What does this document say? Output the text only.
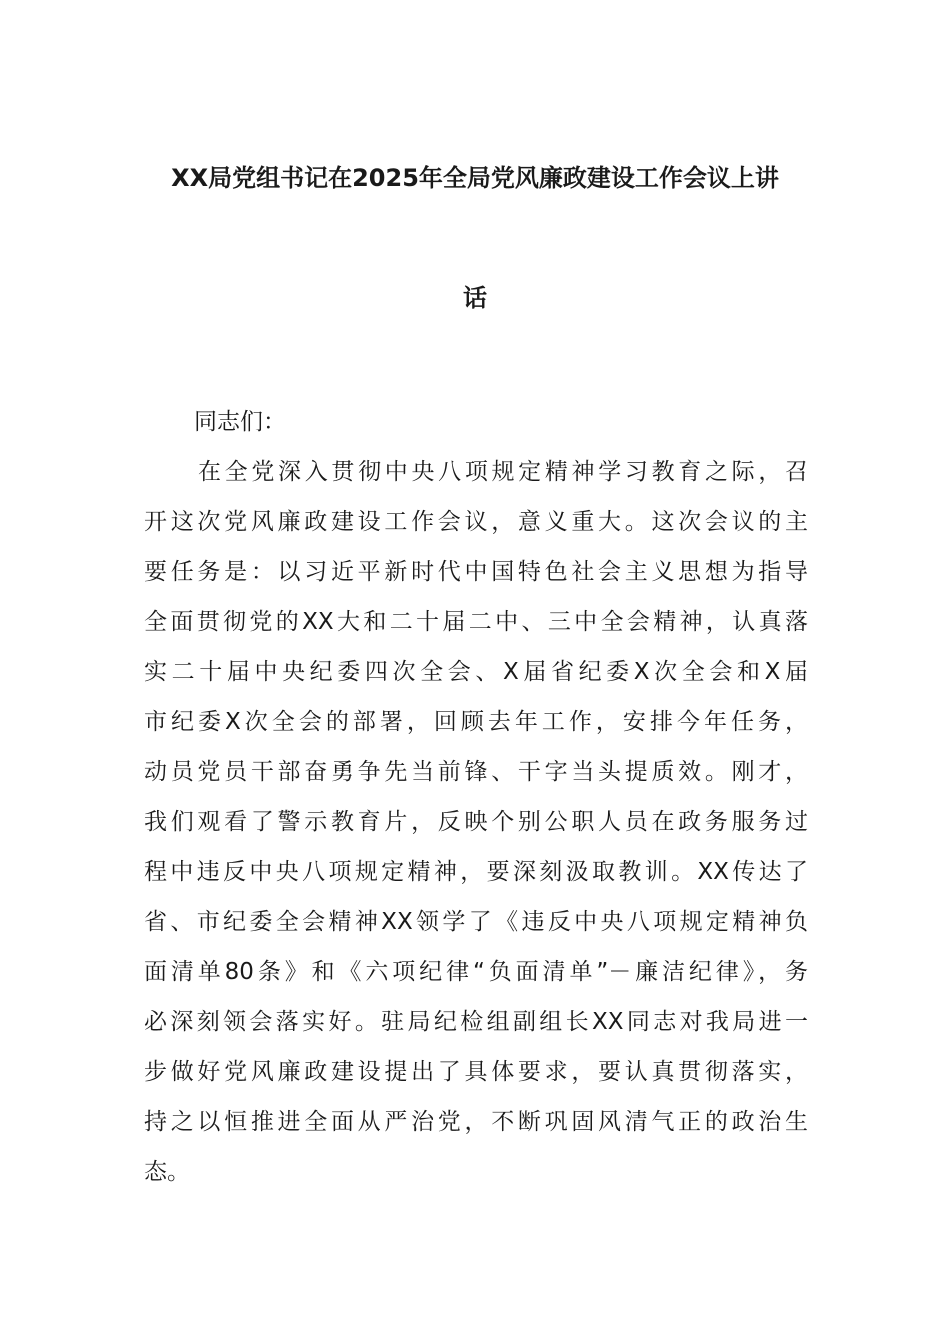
XX局党组书记在2025年全局党风廉政建设工作会议上讲
话

同志们：

在全党深入贯彻中央八项规定精神学习教育之际，召
开这次党风廉政建设工作会议，意义重大。这次会议的主
要任务是：以习近平新时代中国特色社会主义思想为指导
全面贯彻党的XX大和二十届二中、三中全会精神，认真落
实二十届中央纪委四次全会、X届省纪委X次全会和X届
市纪委X次全会的部署，回顾去年工作，安排今年任务，
动员党员干部奋勇争先当前锋、干字当头提质效。刚才，
我们观看了警示教育片，反映个别公职人员在政务服务过
程中违反中央八项规定精神，要深刻汲取教训。XX传达了
省、市纪委全会精神XX领学了《违反中央八项规定精神负
面清单80条》和《六项纪律“负面清单”－廉洁纪律》，务
必深刻领会落实好。驻局纪检组副组长XX同志对我局进一
步做好党风廉政建设提出了具体要求，要认真贯彻落实，
持之以恒推进全面从严治党，不断巩固风清气正的政治生
态。
